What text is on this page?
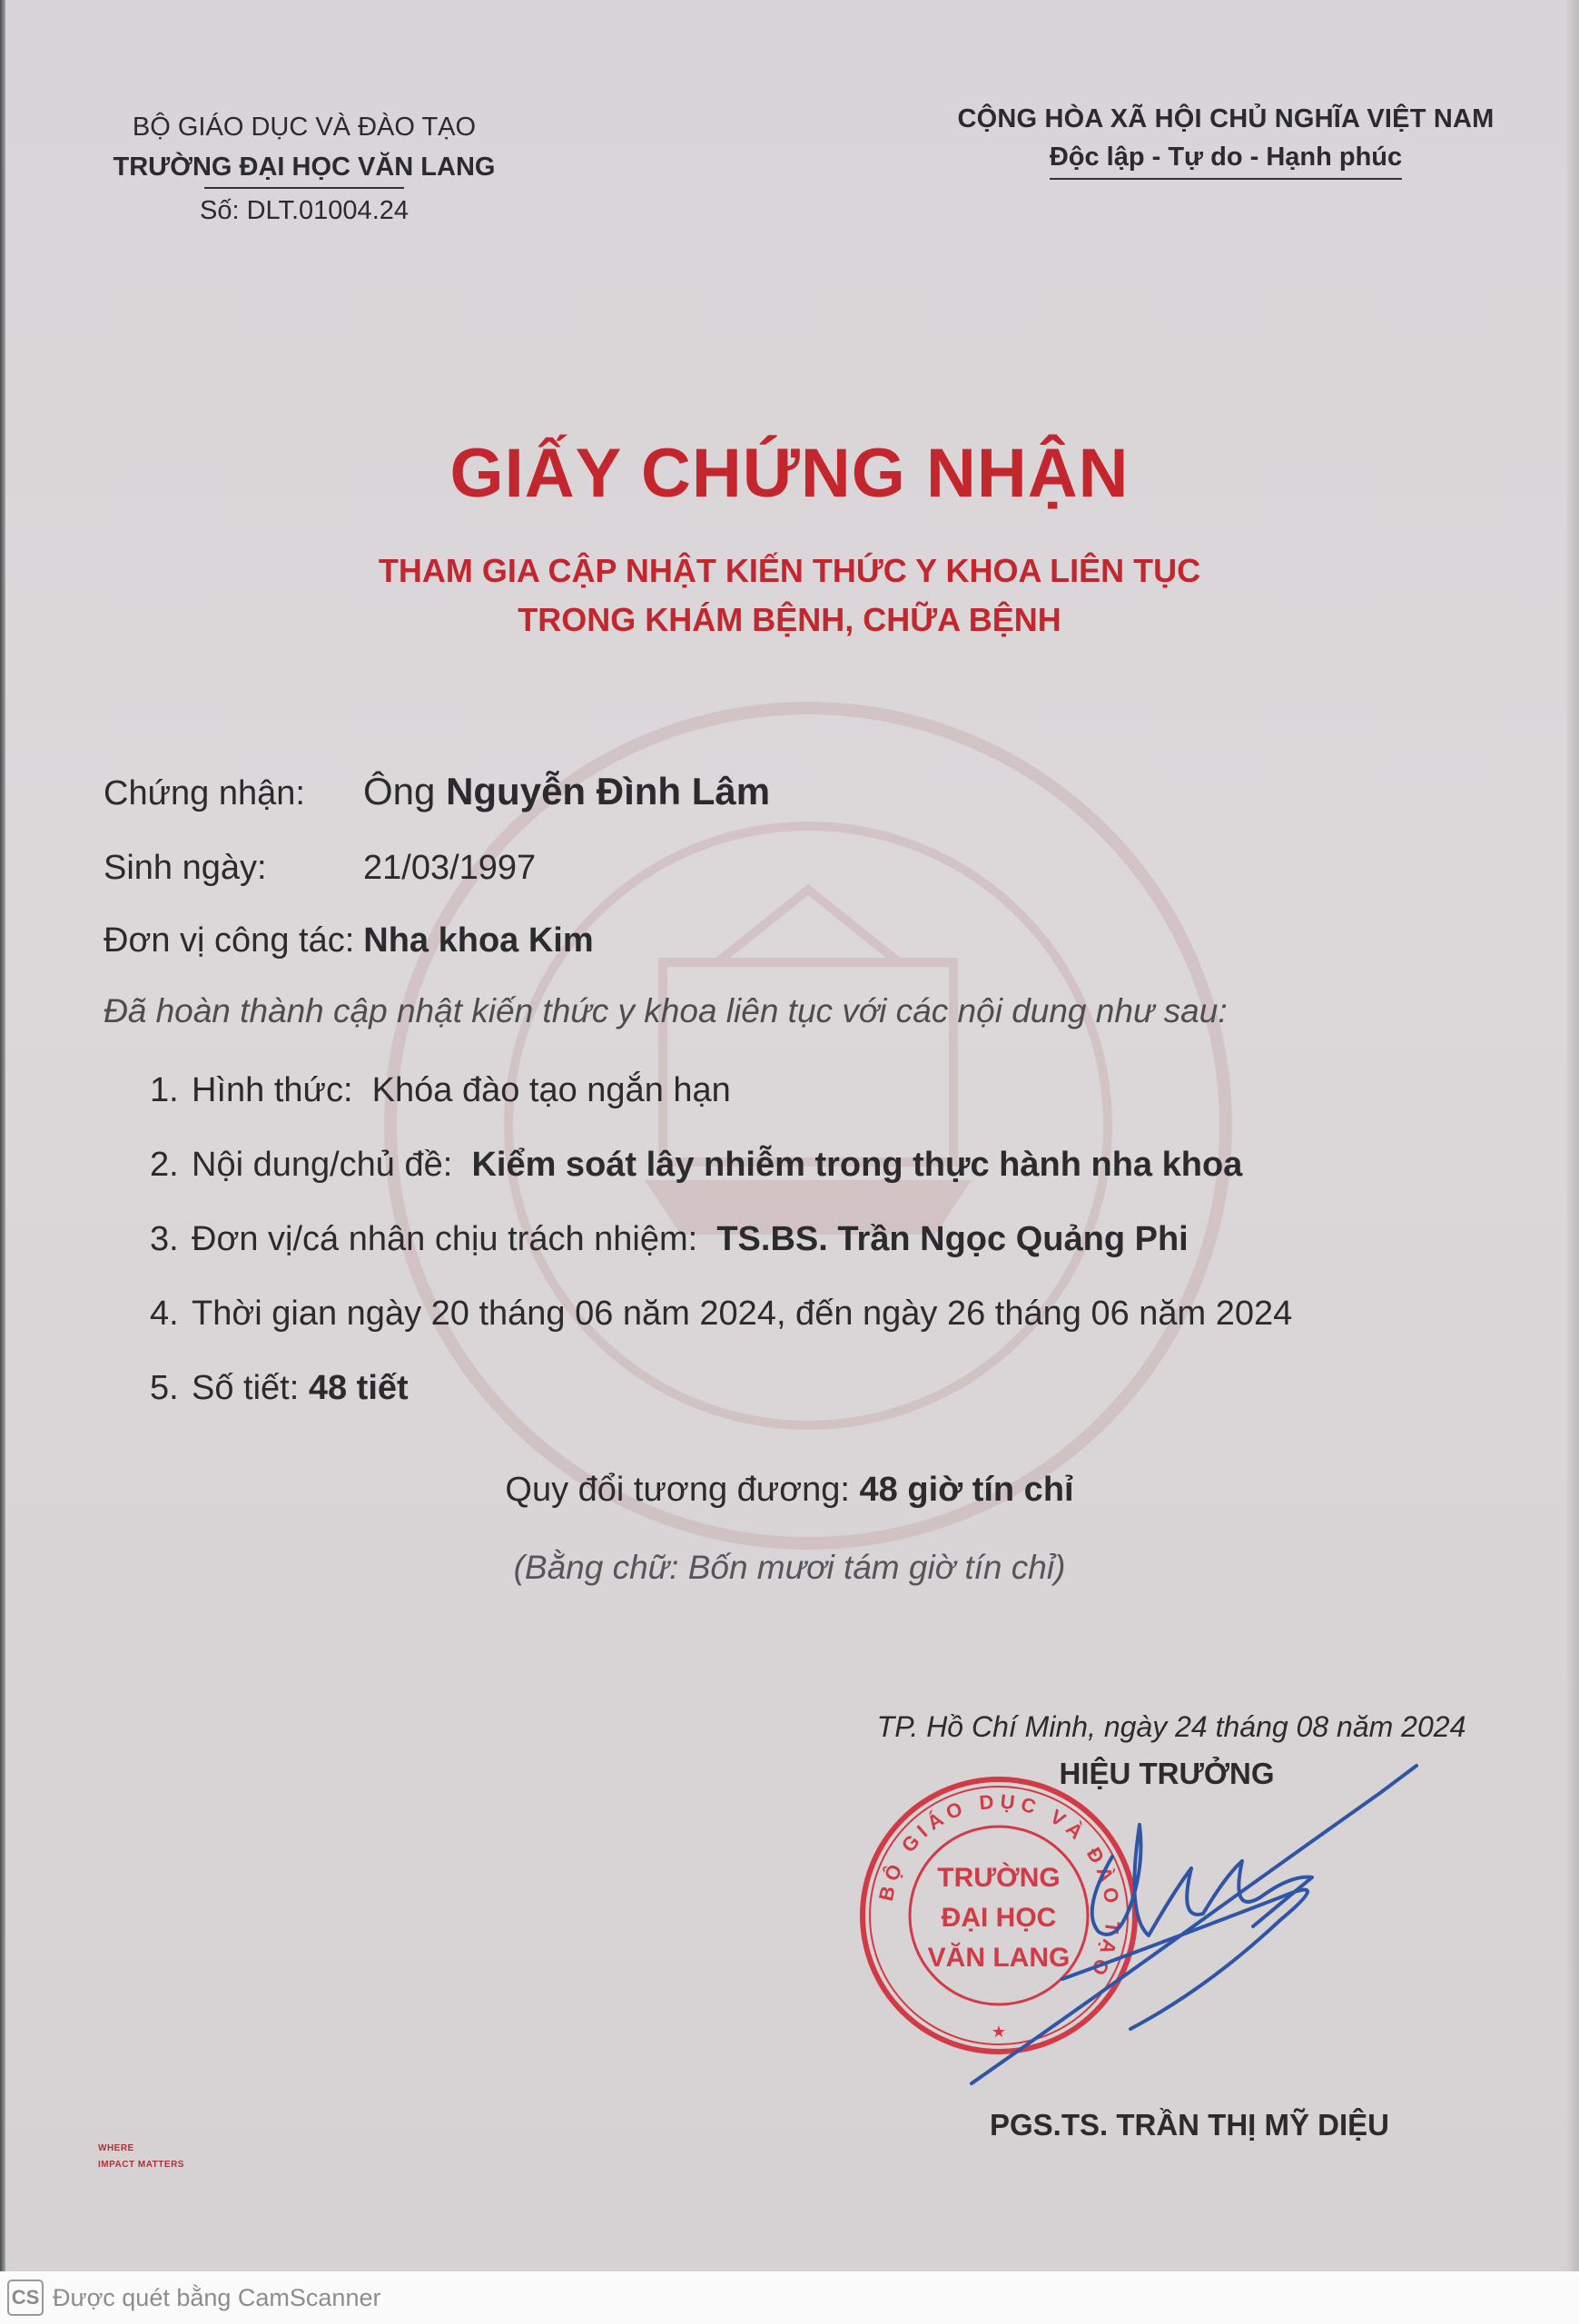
BỘ GIÁO DỤC VÀ ĐÀO TẠO
TRƯỜNG ĐẠI HỌC VĂN LANG
Số: DLT.01004.24
CỘNG HÒA XÃ HỘI CHỦ NGHĨA VIỆT NAM
Độc lập - Tự do - Hạnh phúc
GIẤY CHỨNG NHẬN
THAM GIA CẬP NHẬT KIẾN THỨC Y KHOA LIÊN TỤC
TRONG KHÁM BỆNH, CHỮA BỆNH
Chứng nhận: Ông Nguyễn Đình Lâm
Sinh ngày:	21/03/1997
Đơn vị công tác: Nha khoa Kim
Đã hoàn thành cập nhật kiến thức y khoa liên tục với các nội dung như sau:
1. Hình thức: Khóa đào tạo ngắn hạn
2. Nội dung/chủ đề: Kiểm soát lây nhiễm trong thực hành nha khoa
3. Đơn vị/cá nhân chịu trách nhiệm: TS.BS. Trần Ngọc Quảng Phi
4. Thời gian ngày 20 tháng 06 năm 2024, đến ngày 26 tháng 06 năm 2024
5. Số tiết: 48 tiết
Quy đổi tương đương: 48 giờ tín chỉ
(Bằng chữ: Bốn mươi tám giờ tín chỉ)
TP. Hồ Chí Minh, ngày 24 tháng 08 năm 2024
HIỆU TRƯỞNG
BỘ GIÁO DỤC VÀ ĐÀO TẠO
TRƯỜNG
ĐẠI HỌC
VĂN LANG
★
PGS.TS. TRẦN THỊ MỸ DIỆU
WHERE
IMPACT MATTERS
CS Được quét bằng CamScanner
